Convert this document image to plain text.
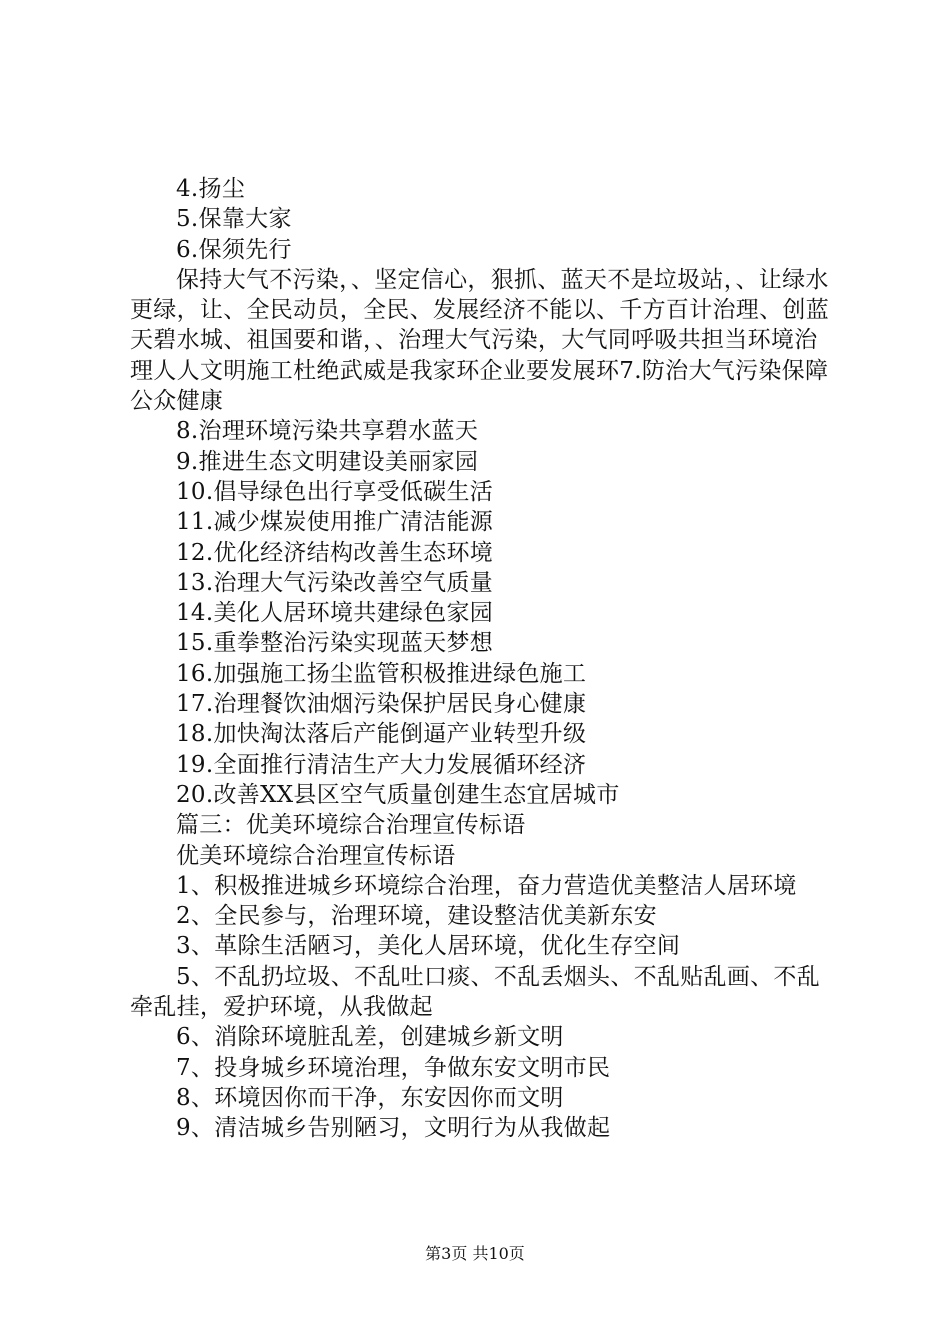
4.扬尘

5.保靠大家

6.保须先行

保持大气不污染，、坚定信心，狠抓、蓝天不是垃圾站，、让绿水更绿，让、全民动员，全民、发展经济不能以、千方百计治理、创蓝天碧水城、祖国要和谐，、治理大气污染，大气同呼吸共担当环境治理人人文明施工杜绝武威是我家环企业要发展环7.防治大气污染保障公众健康

8.治理环境污染共享碧水蓝天

9.推进生态文明建设美丽家园

10.倡导绿色出行享受低碳生活

11.减少煤炭使用推广清洁能源

12.优化经济结构改善生态环境

13.治理大气污染改善空气质量

14.美化人居环境共建绿色家园

15.重拳整治污染实现蓝天梦想

16.加强施工扬尘监管积极推进绿色施工

17.治理餐饮油烟污染保护居民身心健康

18.加快淘汰落后产能倒逼产业转型升级

19.全面推行清洁生产大力发展循环经济

20.改善XX县区空气质量创建生态宜居城市

篇三：优美环境综合治理宣传标语

优美环境综合治理宣传标语

1、积极推进城乡环境综合治理，奋力营造优美整洁人居环境

2、全民参与，治理环境，建设整洁优美新东安

3、革除生活陋习，美化人居环境，优化生存空间

5、不乱扔垃圾、不乱吐口痰、不乱丢烟头、不乱贴乱画、不乱牵乱挂，爱护环境，从我做起

6、消除环境脏乱差，创建城乡新文明

7、投身城乡环境治理，争做东安文明市民

8、环境因你而干净，东安因你而文明

9、清洁城乡告别陋习，文明行为从我做起

第3页 共10页
